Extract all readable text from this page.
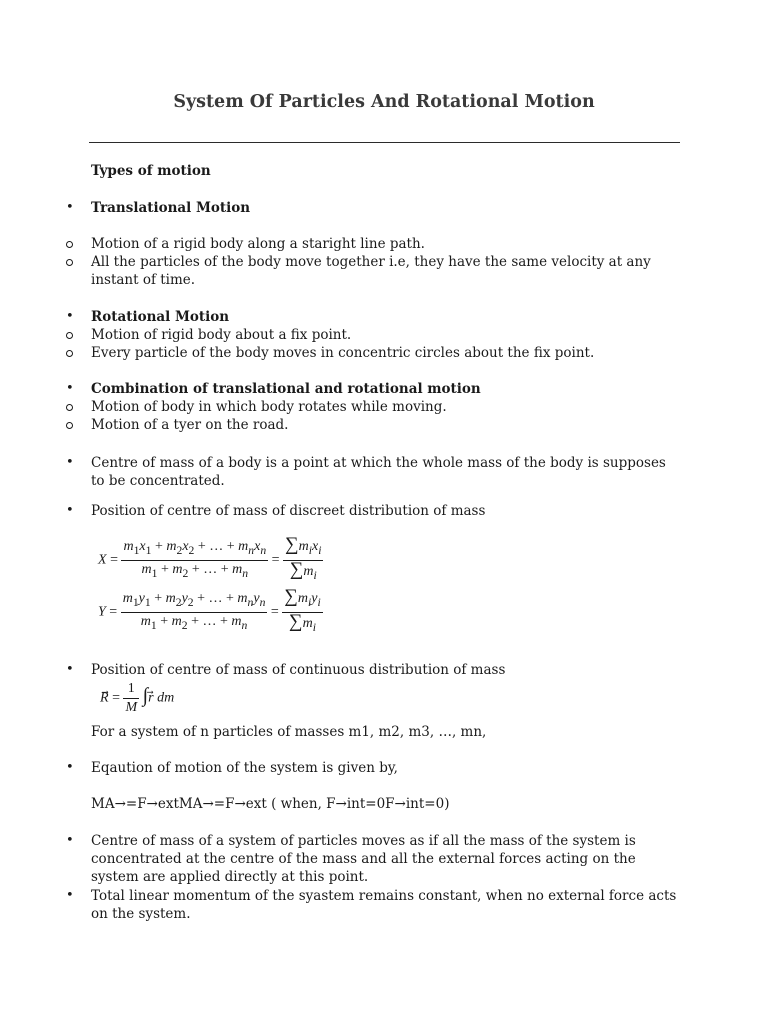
System Of Particles And Rotational Motion
Types of motion
• Translational Motion
Motion of a rigid body along a staright line path.
All the particles of the body move together i.e, they have the same velocity at any instant of time.
• Rotational Motion
Motion of rigid body about a fix point.
Every particle of the body moves in concentric circles about the fix point.
• Combination of translational and rotational motion
Motion of body in which body rotates while moving.
Motion of a tyer on the road.
• Centre of mass of a body is a point at which the whole mass of the body is supposes to be concentrated.
• Position of centre of mass of discreet distribution of mass
$X = \frac{m_1x_1 + m_2x_2 + \dots + m_nx_n}{m_1 + m_2 + \dots + m_n} = \frac{\sum m_ix_i}{\sum m_i}$
$Y = \frac{m_1y_1 + m_2y_2 + \dots + m_ny_n}{m_1 + m_2 + \dots + m_n} = \frac{\sum m_iy_i}{\sum m_i}$
• Position of centre of mass of continuous distribution of mass
R⃗ = $\frac{1}{M}$ ∫r⃗ dm
For a system of n particles of masses m1, m2, m3, …, mn,
• Eqaution of motion of the system is given by,
MA→=F→extMA→=F→ext ( when, F→int=0F→int=0)
• Centre of mass of a system of particles moves as if all the mass of the system is concentrated at the centre of the mass and all the external forces acting on the system are applied directly at this point.
• Total linear momentum of the syastem remains constant, when no external force acts on the system.
